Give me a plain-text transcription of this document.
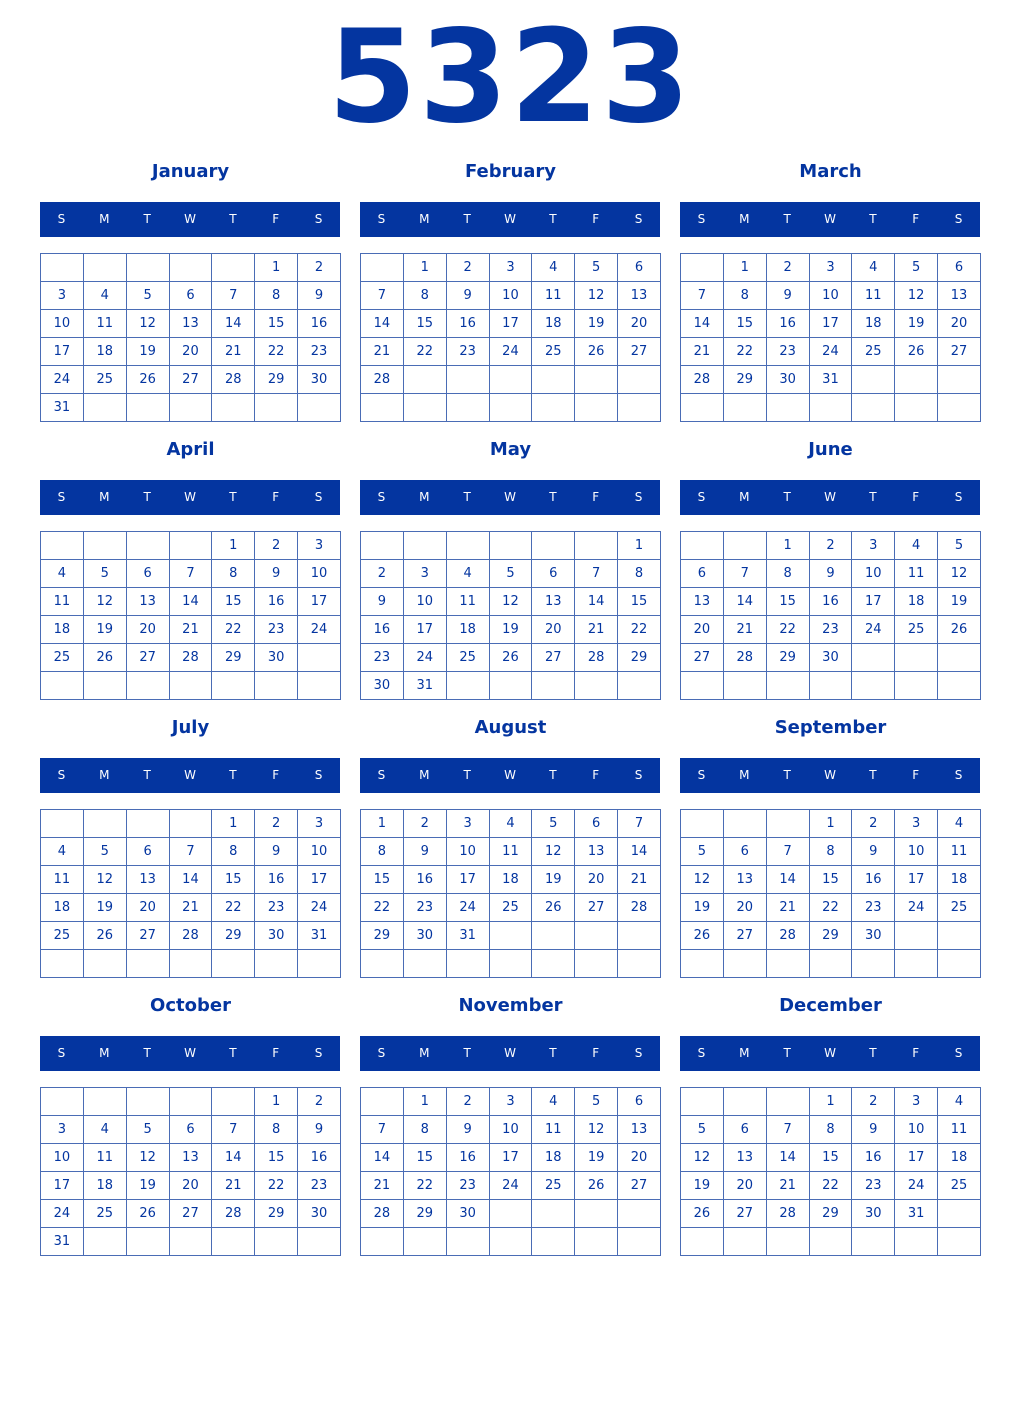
5323
January
S	M	T	W	T	F	S
					1	2
3	4	5	6	7	8	9
10	11	12	13	14	15	16
17	18	19	20	21	22	23
24	25	26	27	28	29	30
31						
February
S	M	T	W	T	F	S
	1	2	3	4	5	6
7	8	9	10	11	12	13
14	15	16	17	18	19	20
21	22	23	24	25	26	27
28						

March
S	M	T	W	T	F	S
	1	2	3	4	5	6
7	8	9	10	11	12	13
14	15	16	17	18	19	20
21	22	23	24	25	26	27
28	29	30	31			

April
S	M	T	W	T	F	S
				1	2	3
4	5	6	7	8	9	10
11	12	13	14	15	16	17
18	19	20	21	22	23	24
25	26	27	28	29	30	

May
S	M	T	W	T	F	S
						1
2	3	4	5	6	7	8
9	10	11	12	13	14	15
16	17	18	19	20	21	22
23	24	25	26	27	28	29
30	31					
June
S	M	T	W	T	F	S
		1	2	3	4	5
6	7	8	9	10	11	12
13	14	15	16	17	18	19
20	21	22	23	24	25	26
27	28	29	30			

July
S	M	T	W	T	F	S
				1	2	3
4	5	6	7	8	9	10
11	12	13	14	15	16	17
18	19	20	21	22	23	24
25	26	27	28	29	30	31

August
S	M	T	W	T	F	S
1	2	3	4	5	6	7
8	9	10	11	12	13	14
15	16	17	18	19	20	21
22	23	24	25	26	27	28
29	30	31				

September
S	M	T	W	T	F	S
			1	2	3	4
5	6	7	8	9	10	11
12	13	14	15	16	17	18
19	20	21	22	23	24	25
26	27	28	29	30		

October
S	M	T	W	T	F	S
					1	2
3	4	5	6	7	8	9
10	11	12	13	14	15	16
17	18	19	20	21	22	23
24	25	26	27	28	29	30
31						
November
S	M	T	W	T	F	S
	1	2	3	4	5	6
7	8	9	10	11	12	13
14	15	16	17	18	19	20
21	22	23	24	25	26	27
28	29	30				

December
S	M	T	W	T	F	S
			1	2	3	4
5	6	7	8	9	10	11
12	13	14	15	16	17	18
19	20	21	22	23	24	25
26	27	28	29	30	31	
